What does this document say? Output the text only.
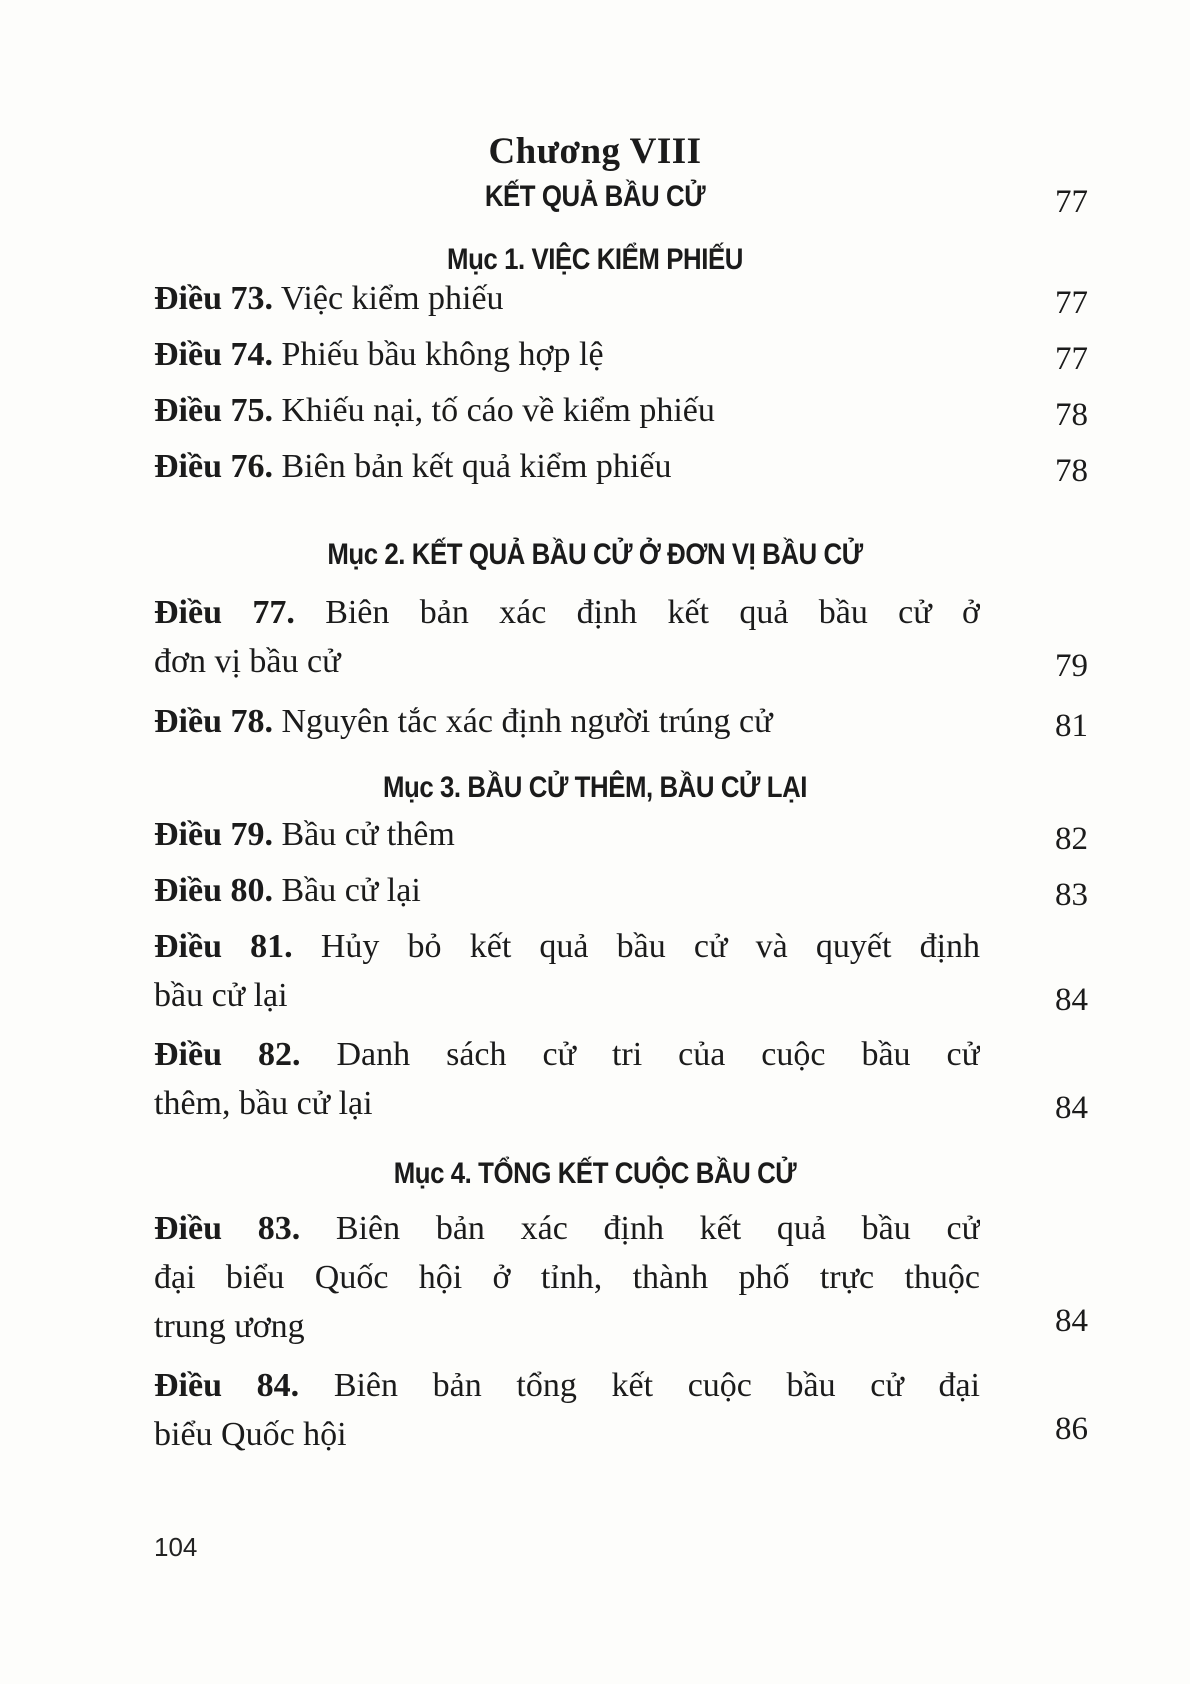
Chương VIII
KẾT QUẢ BẦU CỬ	77
Mục 1. VIỆC KIỂM PHIẾU
Điều 73. Việc kiểm phiếu	77
Điều 74. Phiếu bầu không hợp lệ	77
Điều 75. Khiếu nại, tố cáo về kiểm phiếu	78
Điều 76. Biên bản kết quả kiểm phiếu	78
Mục 2. KẾT QUẢ BẦU CỬ Ở ĐƠN VỊ BẦU CỬ
Điều 77. Biên bản xác định kết quả bầu cử ở
đơn vị bầu cử	79
Điều 78. Nguyên tắc xác định người trúng cử	81
Mục 3. BẦU CỬ THÊM, BẦU CỬ LẠI
Điều 79. Bầu cử thêm	82
Điều 80. Bầu cử lại	83
Điều 81. Hủy bỏ kết quả bầu cử và quyết định
bầu cử lại	84
Điều 82. Danh sách cử tri của cuộc bầu cử
thêm, bầu cử lại	84
Mục 4. TỔNG KẾT CUỘC BẦU CỬ
Điều 83. Biên bản xác định kết quả bầu cử
đại biểu Quốc hội ở tỉnh, thành phố trực thuộc
trung ương	84
Điều 84. Biên bản tổng kết cuộc bầu cử đại
biểu Quốc hội	86
104
